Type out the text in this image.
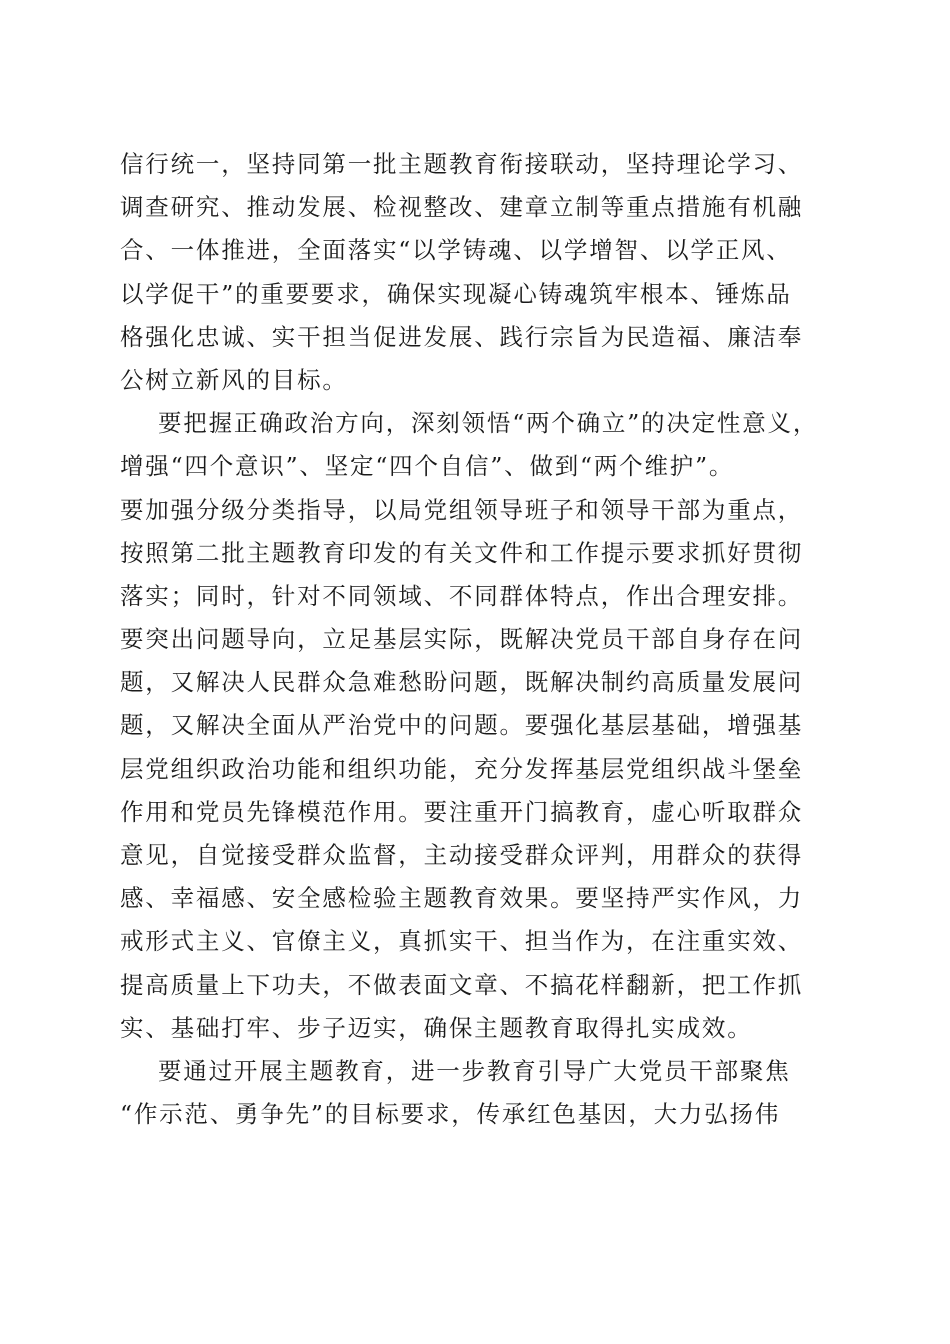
信行统一，坚持同第一批主题教育衔接联动，坚持理论学习、
调查研究、推动发展、检视整改、建章立制等重点措施有机融
合、一体推进，全面落实“以学铸魂、以学增智、以学正风、
以学促干”的重要要求，确保实现凝心铸魂筑牢根本、锤炼品
格强化忠诚、实干担当促进发展、践行宗旨为民造福、廉洁奉
公树立新风的目标。
要把握正确政治方向，深刻领悟“两个确立”的决定性意义，
增强“四个意识”、坚定“四个自信”、做到“两个维护”。
要加强分级分类指导，以局党组领导班子和领导干部为重点，
按照第二批主题教育印发的有关文件和工作提示要求抓好贯彻
落实；同时，针对不同领域、不同群体特点，作出合理安排。
要突出问题导向，立足基层实际，既解决党员干部自身存在问
题，又解决人民群众急难愁盼问题，既解决制约高质量发展问
题，又解决全面从严治党中的问题。要强化基层基础，增强基
层党组织政治功能和组织功能，充分发挥基层党组织战斗堡垒
作用和党员先锋模范作用。要注重开门搞教育，虚心听取群众
意见，自觉接受群众监督，主动接受群众评判，用群众的获得
感、幸福感、安全感检验主题教育效果。要坚持严实作风，力
戒形式主义、官僚主义，真抓实干、担当作为，在注重实效、
提高质量上下功夫，不做表面文章、不搞花样翻新，把工作抓
实、基础打牢、步子迈实，确保主题教育取得扎实成效。
要通过开展主题教育，进一步教育引导广大党员干部聚焦
“作示范、勇争先”的目标要求，传承红色基因，大力弘扬伟
